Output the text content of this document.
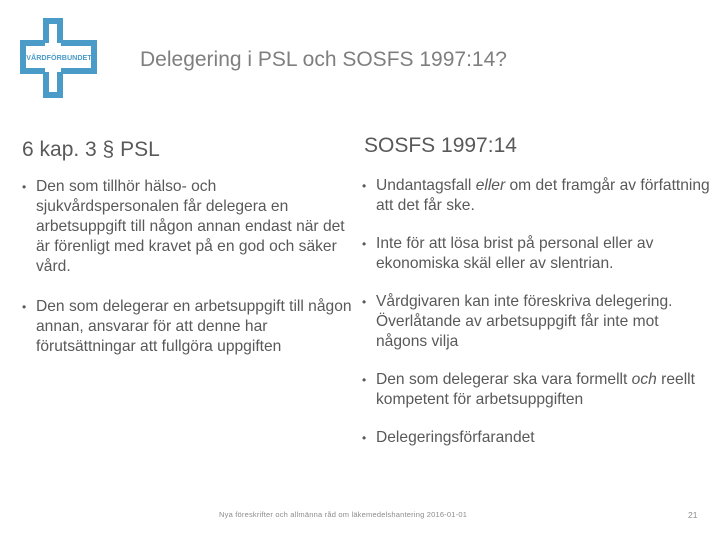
VÅRDFÖRBUNDET Delegering i PSL och SOSFS 1997:14?
6 kap. 3 § PSL
• Den som tillhör hälso- och sjukvårdspersonalen får delegera en arbetsuppgift till någon annan endast när det är förenligt med kravet på en god och säker vård.
• Den som delegerar en arbetsuppgift till någon annan, ansvarar för att denne har förutsättningar att fullgöra uppgiften
SOSFS 1997:14
• Undantagsfall eller om det framgår av författning att det får ske.
• Inte för att lösa brist på personal eller av ekonomiska skäl eller av slentrian.
• Vårdgivaren kan inte föreskriva delegering. Överlåtande av arbetsuppgift får inte mot någons vilja
• Den som delegerar ska vara formellt och reellt kompetent för arbetsuppgiften
• Delegeringsförfarandet
Nya föreskrifter och allmänna råd om läkemedelshantering 2016-01-01	21
